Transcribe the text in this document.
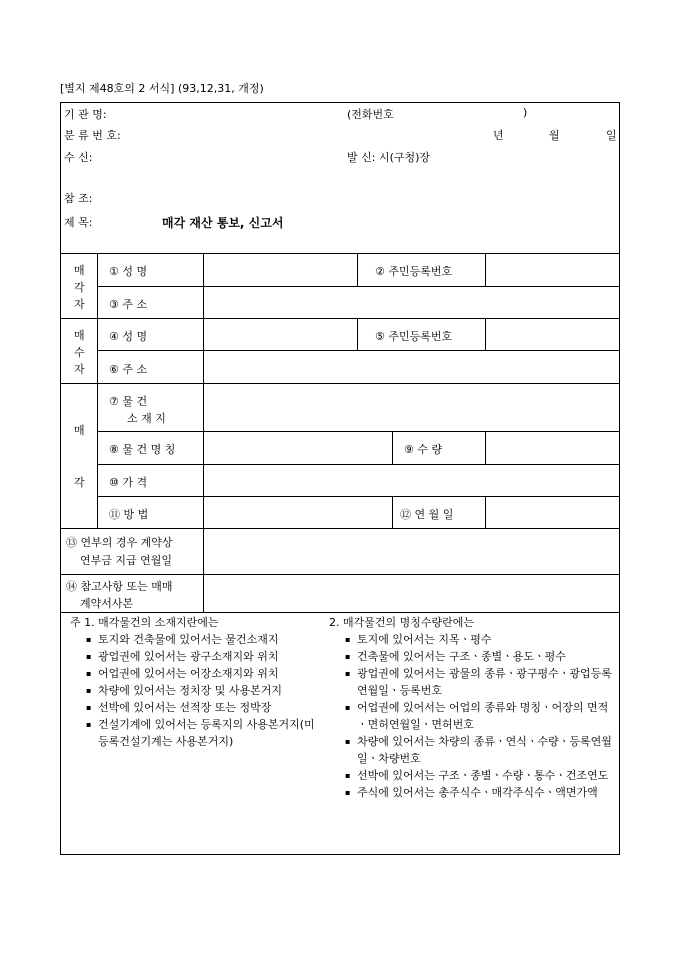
[별지 제48호의 2 서식] (93,12,31, 개정)
기 관 명:	(전화번호	)
분 류 번 호:	년	월	일
수 신:	발 신: 시(구청)장
참 조:
제 목:	매각 재산 통보, 신고서
매
각
자
① 성 명	② 주민등록번호
③ 주 소
매
수
자
④ 성 명	⑤ 주민등록번호
⑥ 주 소
매
각
⑦ 물 건
소 재 지
⑧ 물 건 명 칭	⑨ 수 량
⑩ 가 격
⑪ 방 법	⑫ 연 월 일
⑬ 연부의 경우 계약상
연부금 지급 연월일
⑭ 참고사항 또는 매매
계약서사본
주 1. 매각물건의 소재지란에는
▪ 토지와 건축물에 있어서는 물건소재지
▪ 광업권에 있어서는 광구소재지와 위치
▪ 어업권에 있어서는 어장소재지와 위치
▪ 차량에 있어서는 정치장 및 사용본거지
▪ 선박에 있어서는 선적장 또는 정박장
▪ 건설기계에 있어서는 등록지의 사용본거지(미등록건설기계는 사용본거지)
2. 매각물건의 명칭수량란에는
▪ 토지에 있어서는 지목ㆍ평수
▪ 건축물에 있어서는 구조ㆍ종별ㆍ용도ㆍ평수
▪ 광업권에 있어서는 광물의 종류ㆍ광구평수ㆍ광업등록연월일ㆍ등록번호
▪ 어업권에 있어서는 어업의 종류와 명칭ㆍ어장의 면적ㆍ면허연월일ㆍ면허번호
▪ 차량에 있어서는 차량의 종류ㆍ연식ㆍ수량ㆍ등록연월일ㆍ차량번호
▪ 선박에 있어서는 구조ㆍ종별ㆍ수량ㆍ통수ㆍ건조연도
▪ 주식에 있어서는 총주식수ㆍ매각주식수ㆍ액면가액
